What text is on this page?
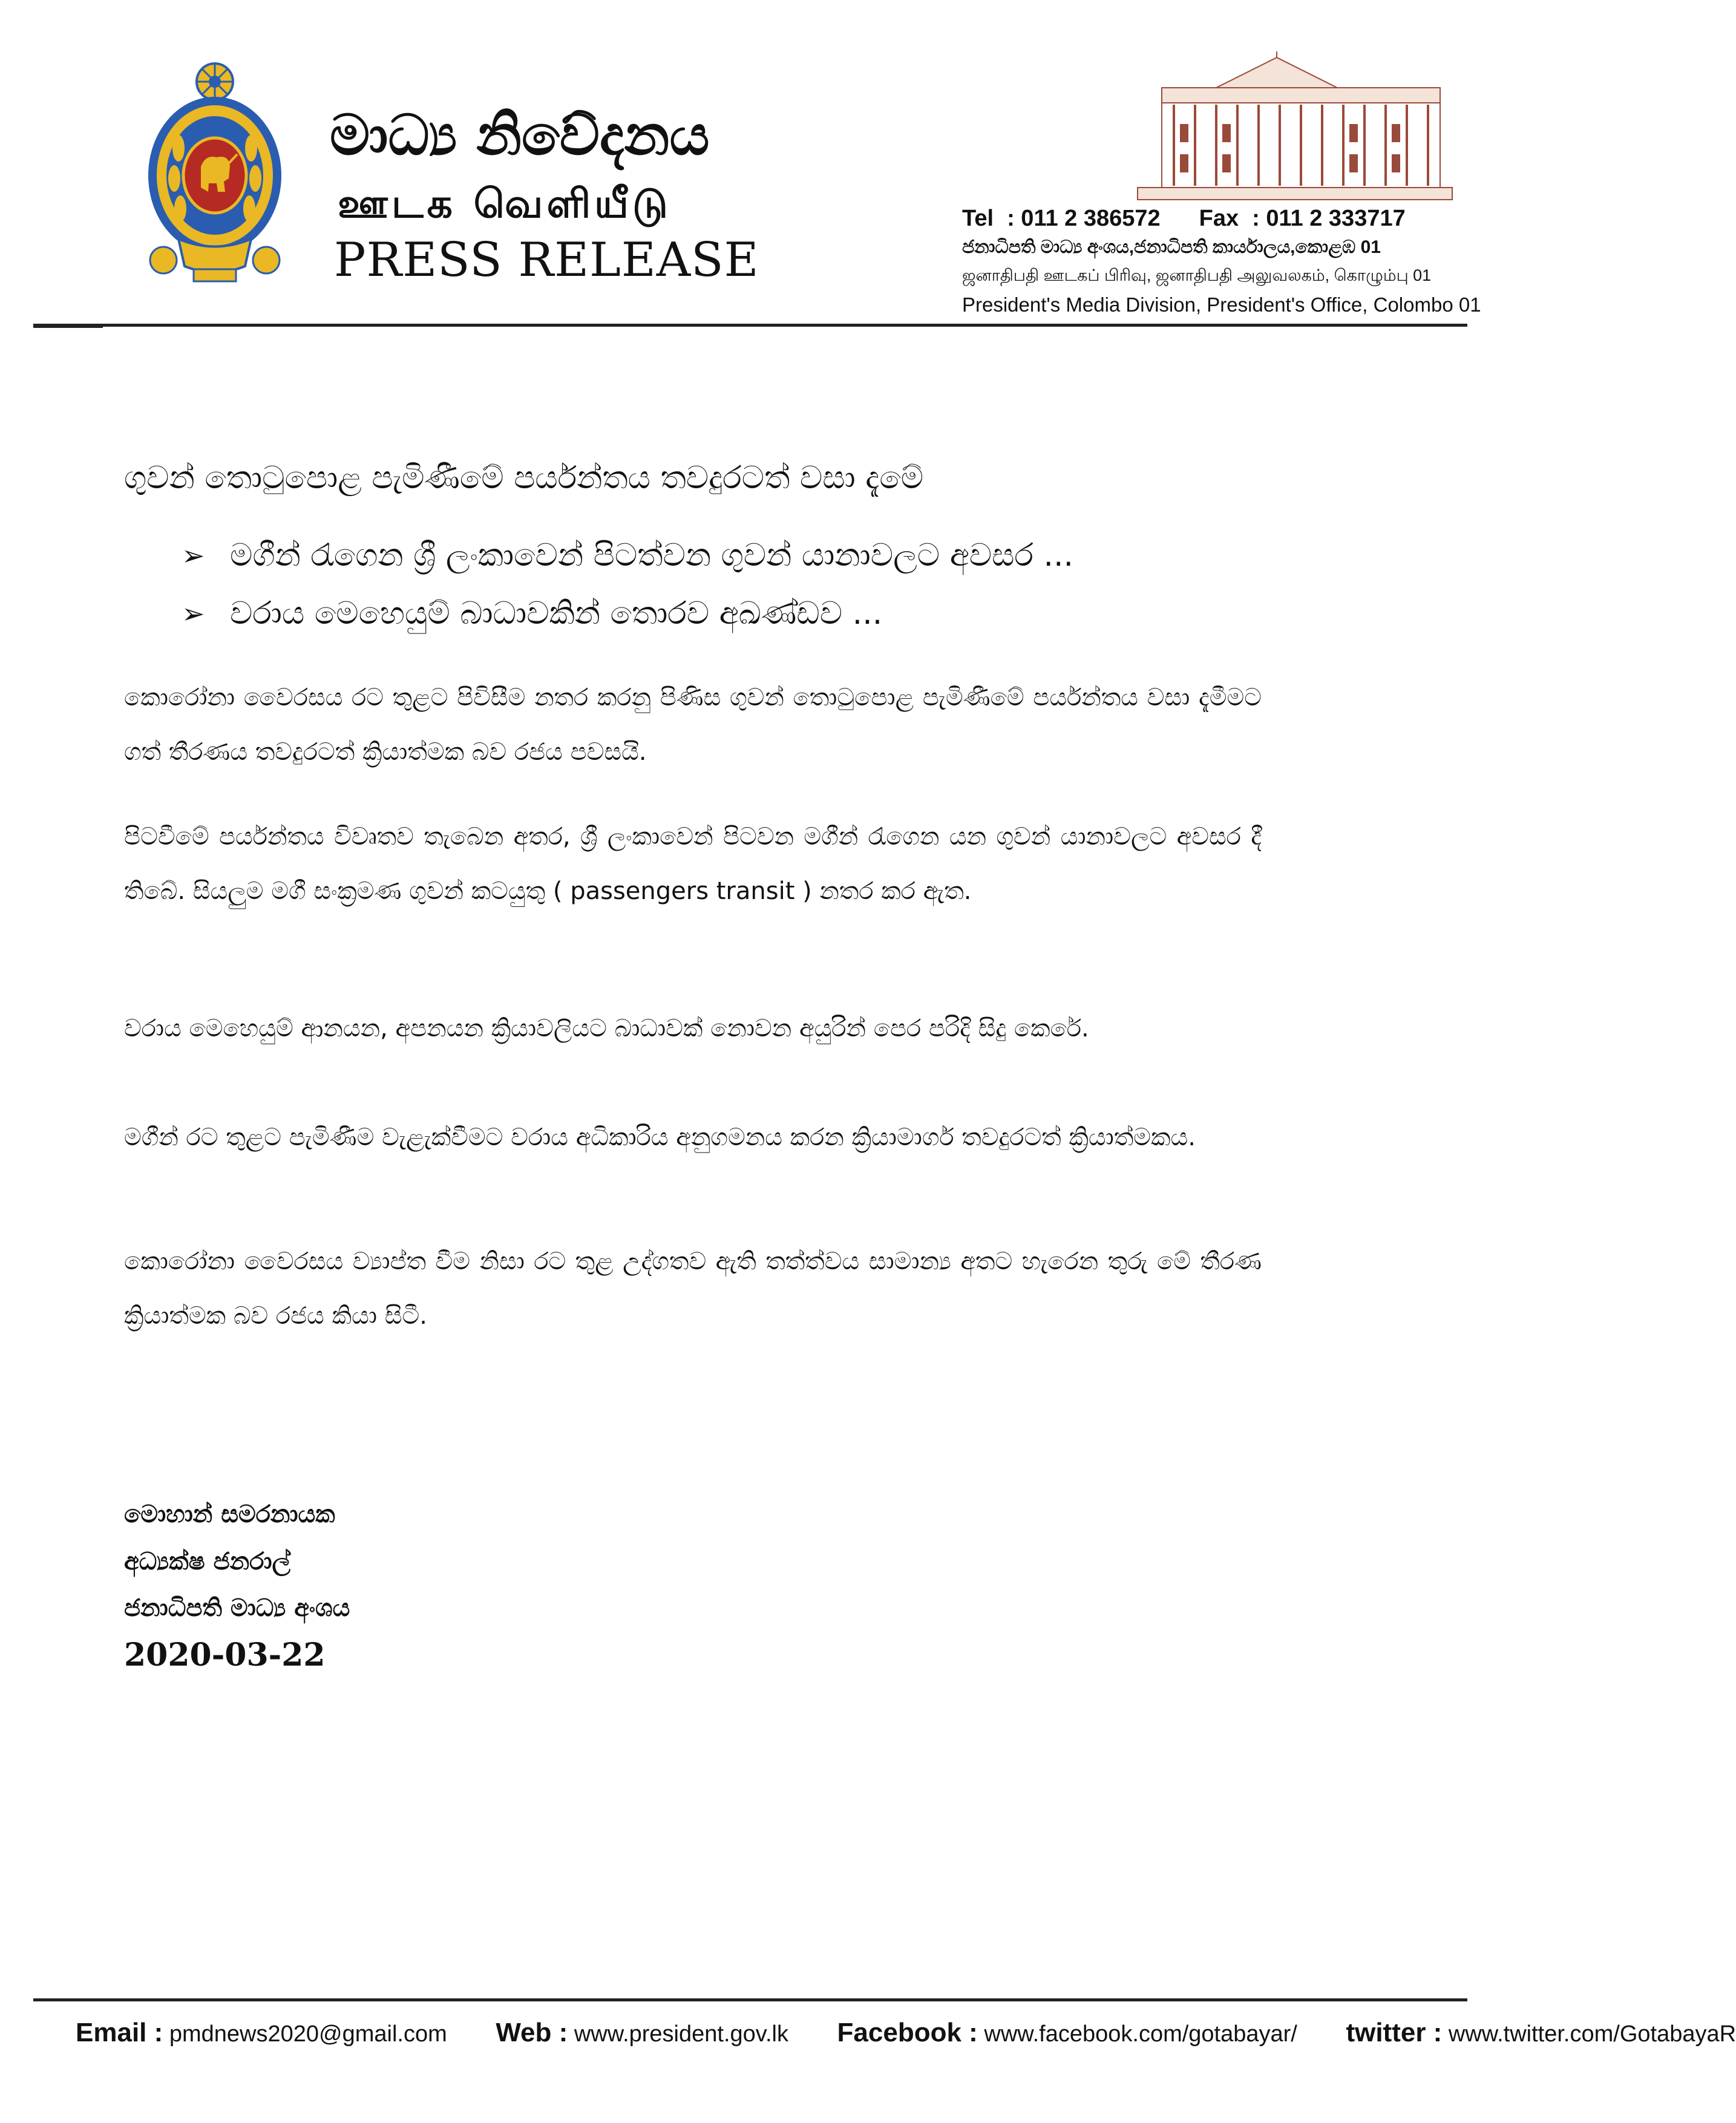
මාධ්‍ය නිවේදනය
ஊடக வெளியீடு
PRESS RELEASE
Tel : 011 2 386572 Fax : 011 2 333717
ජනාධිපති මාධ්‍ය අංශය,ජනාධිපති කාර්යාලය,කොළඹ 01
ஜனாதிபதி ஊடகப் பிரிவு, ஜனாதிபதி அலுவலகம், கொழும்பு 01
President's Media Division, President's Office, Colombo 01
ගුවන් තොටුපොළ පැමිණීමේ පර්යන්තය තවදුරටත් වසා දැමේ
➢ මගීන් රැගෙන ශ්‍රී ලංකාවෙන් පිටත්වන ගුවන් යානාවලට අවසර ...
➢ වරාය මෙහෙයුම් බාධාවකින් තොරව අඛණ්ඩව ...
කොරෝනා වෛරසය රට තුළට පිවිසීම නතර කරනු පිණිස ගුවන් තොටුපොළ පැමිණීමේ පර්යන්තය වසා දැමීමට ගත් තීරණය තවදුරටත් ක්‍රියාත්මක බව රජය පවසයි.
පිටවීමේ පර්යන්තය විවෘතව තැබෙන අතර, ශ්‍රී ලංකාවෙන් පිටවන මගීන් රැගෙන යන ගුවන් යානාවලට අවසර දී තිබේ. සියලුම මගී සංක්‍රමණ ගුවන් කටයුතු ( passengers transit ) නතර කර ඇත.
වරාය මෙහෙයුම් ආනයන, අපනයන ක්‍රියාවලියට බාධාවක් නොවන අයුරින් පෙර පරිදි සිදු කෙරේ.
මගීන් රට තුළට පැමිණීම වැළැක්වීමට වරාය අධිකාරිය අනුගමනය කරන ක්‍රියාමාර්ග තවදුරටත් ක්‍රියාත්මකය.
කොරෝනා වෛරසය ව්‍යාප්ත වීම නිසා රට තුළ උද්ගතව ඇති තත්ත්වය සාමාන්‍ය අතට හැරෙන තුරු මේ තීරණ ක්‍රියාත්මක බව රජය කියා සිටී.
මොහාන් සමරනායක
අධ්‍යක්ෂ ජනරාල්
ජනාධිපති මාධ්‍ය අංශය
2020-03-22
Email : pmdnews2020@gmail.com Web : www.president.gov.lk Facebook : www.facebook.com/gotabayar/ twitter : www.twitter.com/GotabayaR
